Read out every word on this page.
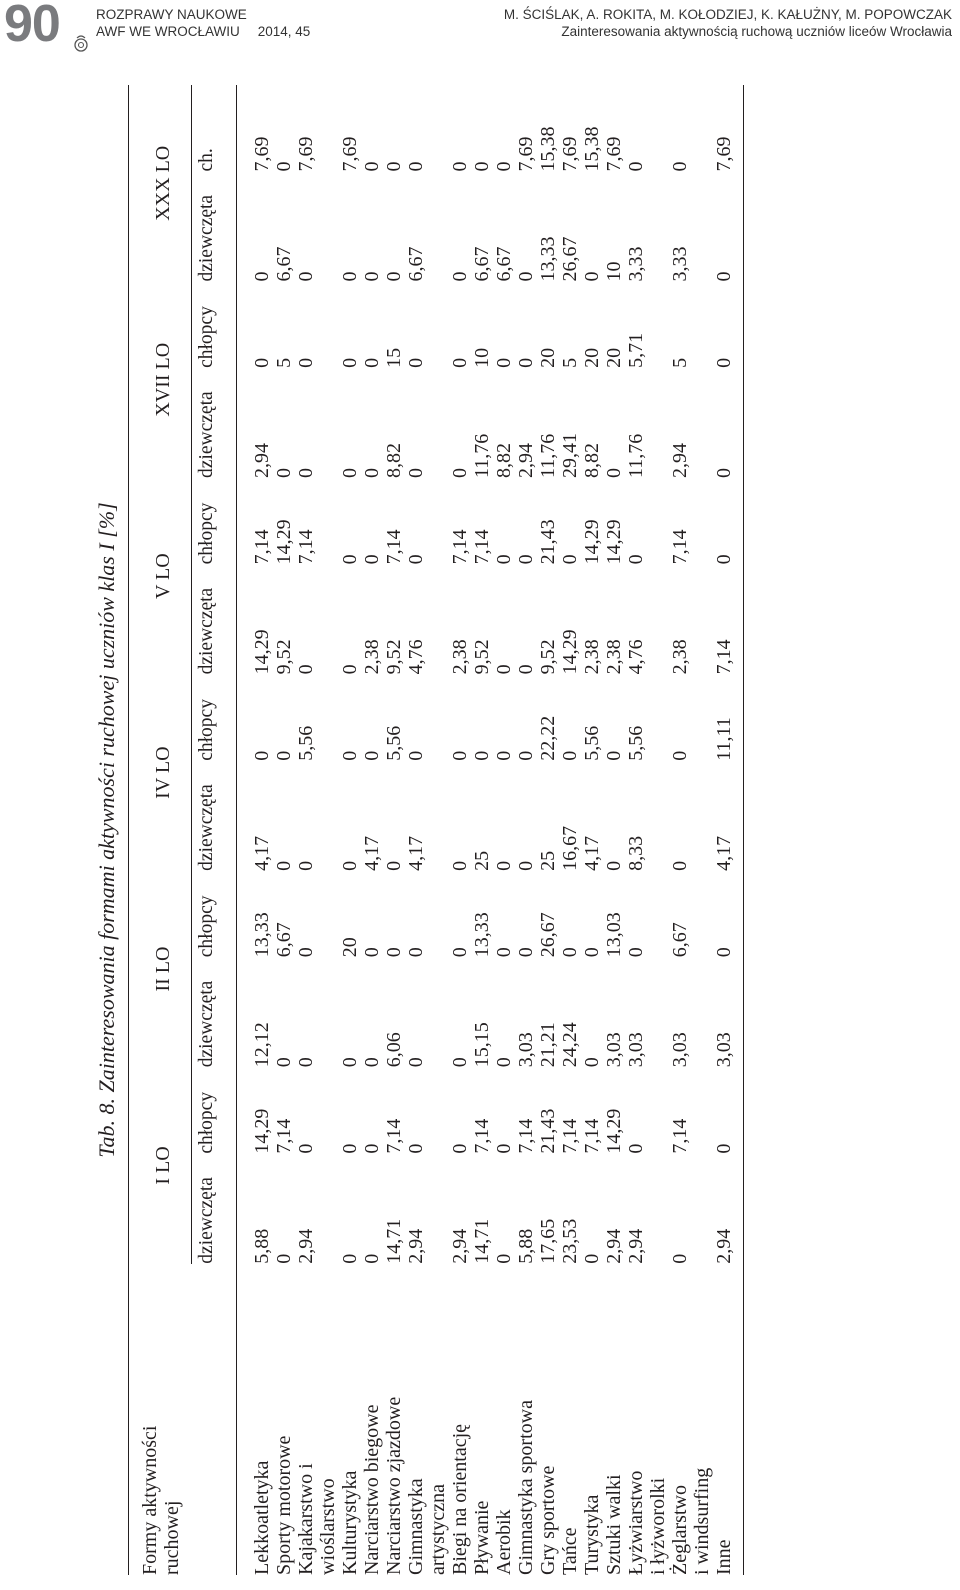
90	ROZPRAWY NAUKOWE
AWF WE WROCŁAWIU 2014, 45
M. ŚCIŚLAK, A. ROKITA, M. KOŁODZIEJ, K. KAŁUŻNY, M. POPOWCZAK
Zainteresowania aktywnością ruchową uczniów liceów Wrocławia
Tab. 8. Zainteresowania formami aktywności ruchowej uczniów klas I [%]
Formy aktywności ruchowej	I LO		II LO		IV LO		V LO		XVII LO		XXX LO	
	dziewczęta	chłopcy	dziewczęta	chłopcy	dziewczęta	chłopcy	dziewczęta	chłopcy	dziewczęta	chłopcy	dziewczęta	ch.

Lekkoatletyka	5,88	14,29	12,12	13,33	4,17	0	14,29	7,14	2,94	0	0	7,69

Sporty motorowe	0	7,14	0	6,67	0	0	9,52	14,29	0	5	6,67	0

Kajakarstwo i wioślarstwo	2,94	0	0	0	0	5,56	0	7,14	0	0	0	7,69

Kulturystyka	0	0	0	20	0	0	0	0	0	0	0	7,69

Narciarstwo biegowe	0	0	0	0	4,17	0	2,38	0	0	0	0	0

Narciarstwo zjazdowe	14,71	7,14	6,06	0	0	5,56	9,52	7,14	8,82	15	0	0

Gimnastyka artystyczna	2,94	0	0	0	4,17	0	4,76	0	0	0	6,67	0

Biegi na orientację	2,94	0	0	0	0	0	2,38	7,14	0	0	0	0

Pływanie	14,71	7,14	15,15	13,33	25	0	9,52	7,14	11,76	10	6,67	0

Aerobik	0	0	0	0	0	0	0	0	8,82	0	6,67	0

Gimnastyka sportowa	5,88	7,14	3,03	0	0	0	0	0	2,94	0	0	7,69

Gry sportowe	17,65	21,43	21,21	26,67	25	22,22	9,52	21,43	11,76	20	13,33	15,38

Tańce	23,53	7,14	24,24	0	16,67	0	14,29	0	29,41	5	26,67	7,69

Turystyka	0	7,14	0	0	4,17	5,56	2,38	14,29	8,82	20	0	15,38

Sztuki walki	2,94	14,29	3,03	13,03	0	0	2,38	14,29	0	20	10	7,69

Łyżwiarstwo i łyżworolki	2,94	0	3,03	0	8,33	5,56	4,76	0	11,76	5,71	3,33	0

Żeglarstwo i windsurfing	0	7,14	3,03	6,67	0	0	2,38	7,14	2,94	5	3,33	0

Inne	2,94	0	3,03	0	4,17	11,11	7,14	0	0	0	0	7,69
